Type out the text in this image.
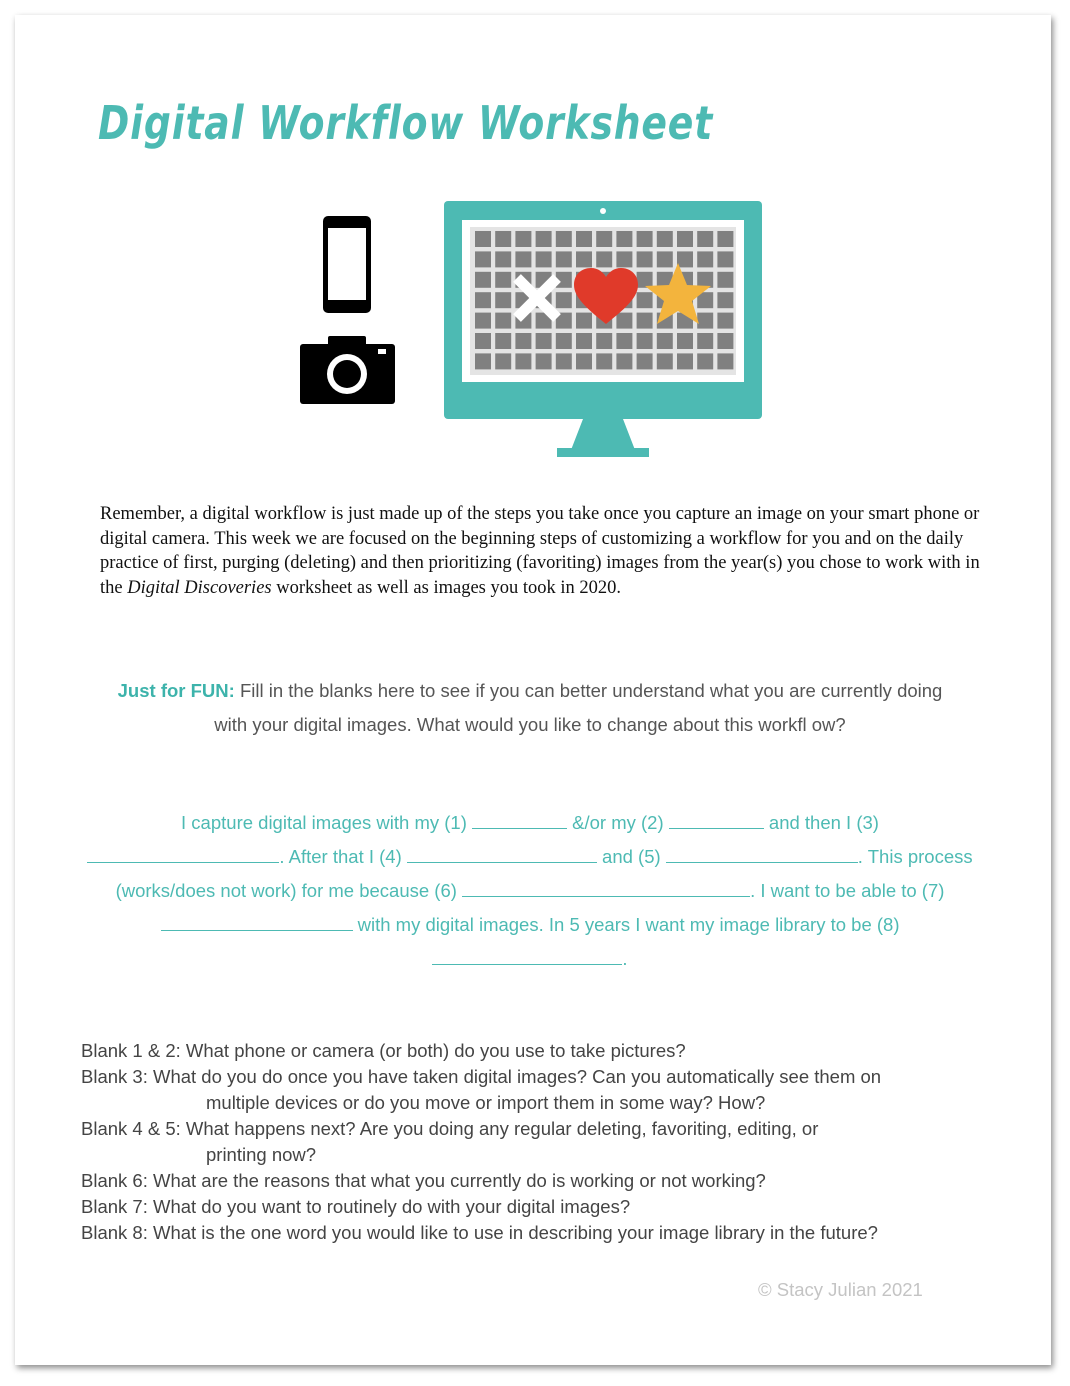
Digital Workflow Worksheet
Remember, a digital workflow is just made up of the steps you take once you capture an image on your smart phone or digital camera. This week we are focused on the beginning steps of customizing a workflow for you and on the daily practice of first, purging (deleting) and then prioritizing (favoriting) images from the year(s) you chose to work with in the Digital Discoveries worksheet as well as images you took in 2020.
Just for FUN: Fill in the blanks here to see if you can better understand what you are currently doing
with your digital images. What would you like to change about this workfl ow?
I capture digital images with my (1)	&/or my (2)	and then I (3)
. After that I (4)	and (5)	. This process
(works/does not work) for me because (6)	. I want to be able to (7)
with my digital images. In 5 years I want my image library to be (8)
.
Blank 1 & 2: What phone or camera (or both) do you use to take pictures?
Blank 3: What do you do once you have taken digital images? Can you automatically see them on
multiple devices or do you move or import them in some way? How?
Blank 4 & 5: What happens next? Are you doing any regular deleting, favoriting, editing, or
printing now?
Blank 6: What are the reasons that what you currently do is working or not working?
Blank 7: What do you want to routinely do with your digital images?
Blank 8: What is the one word you would like to use in describing your image library in the future?
© Stacy Julian 2021
